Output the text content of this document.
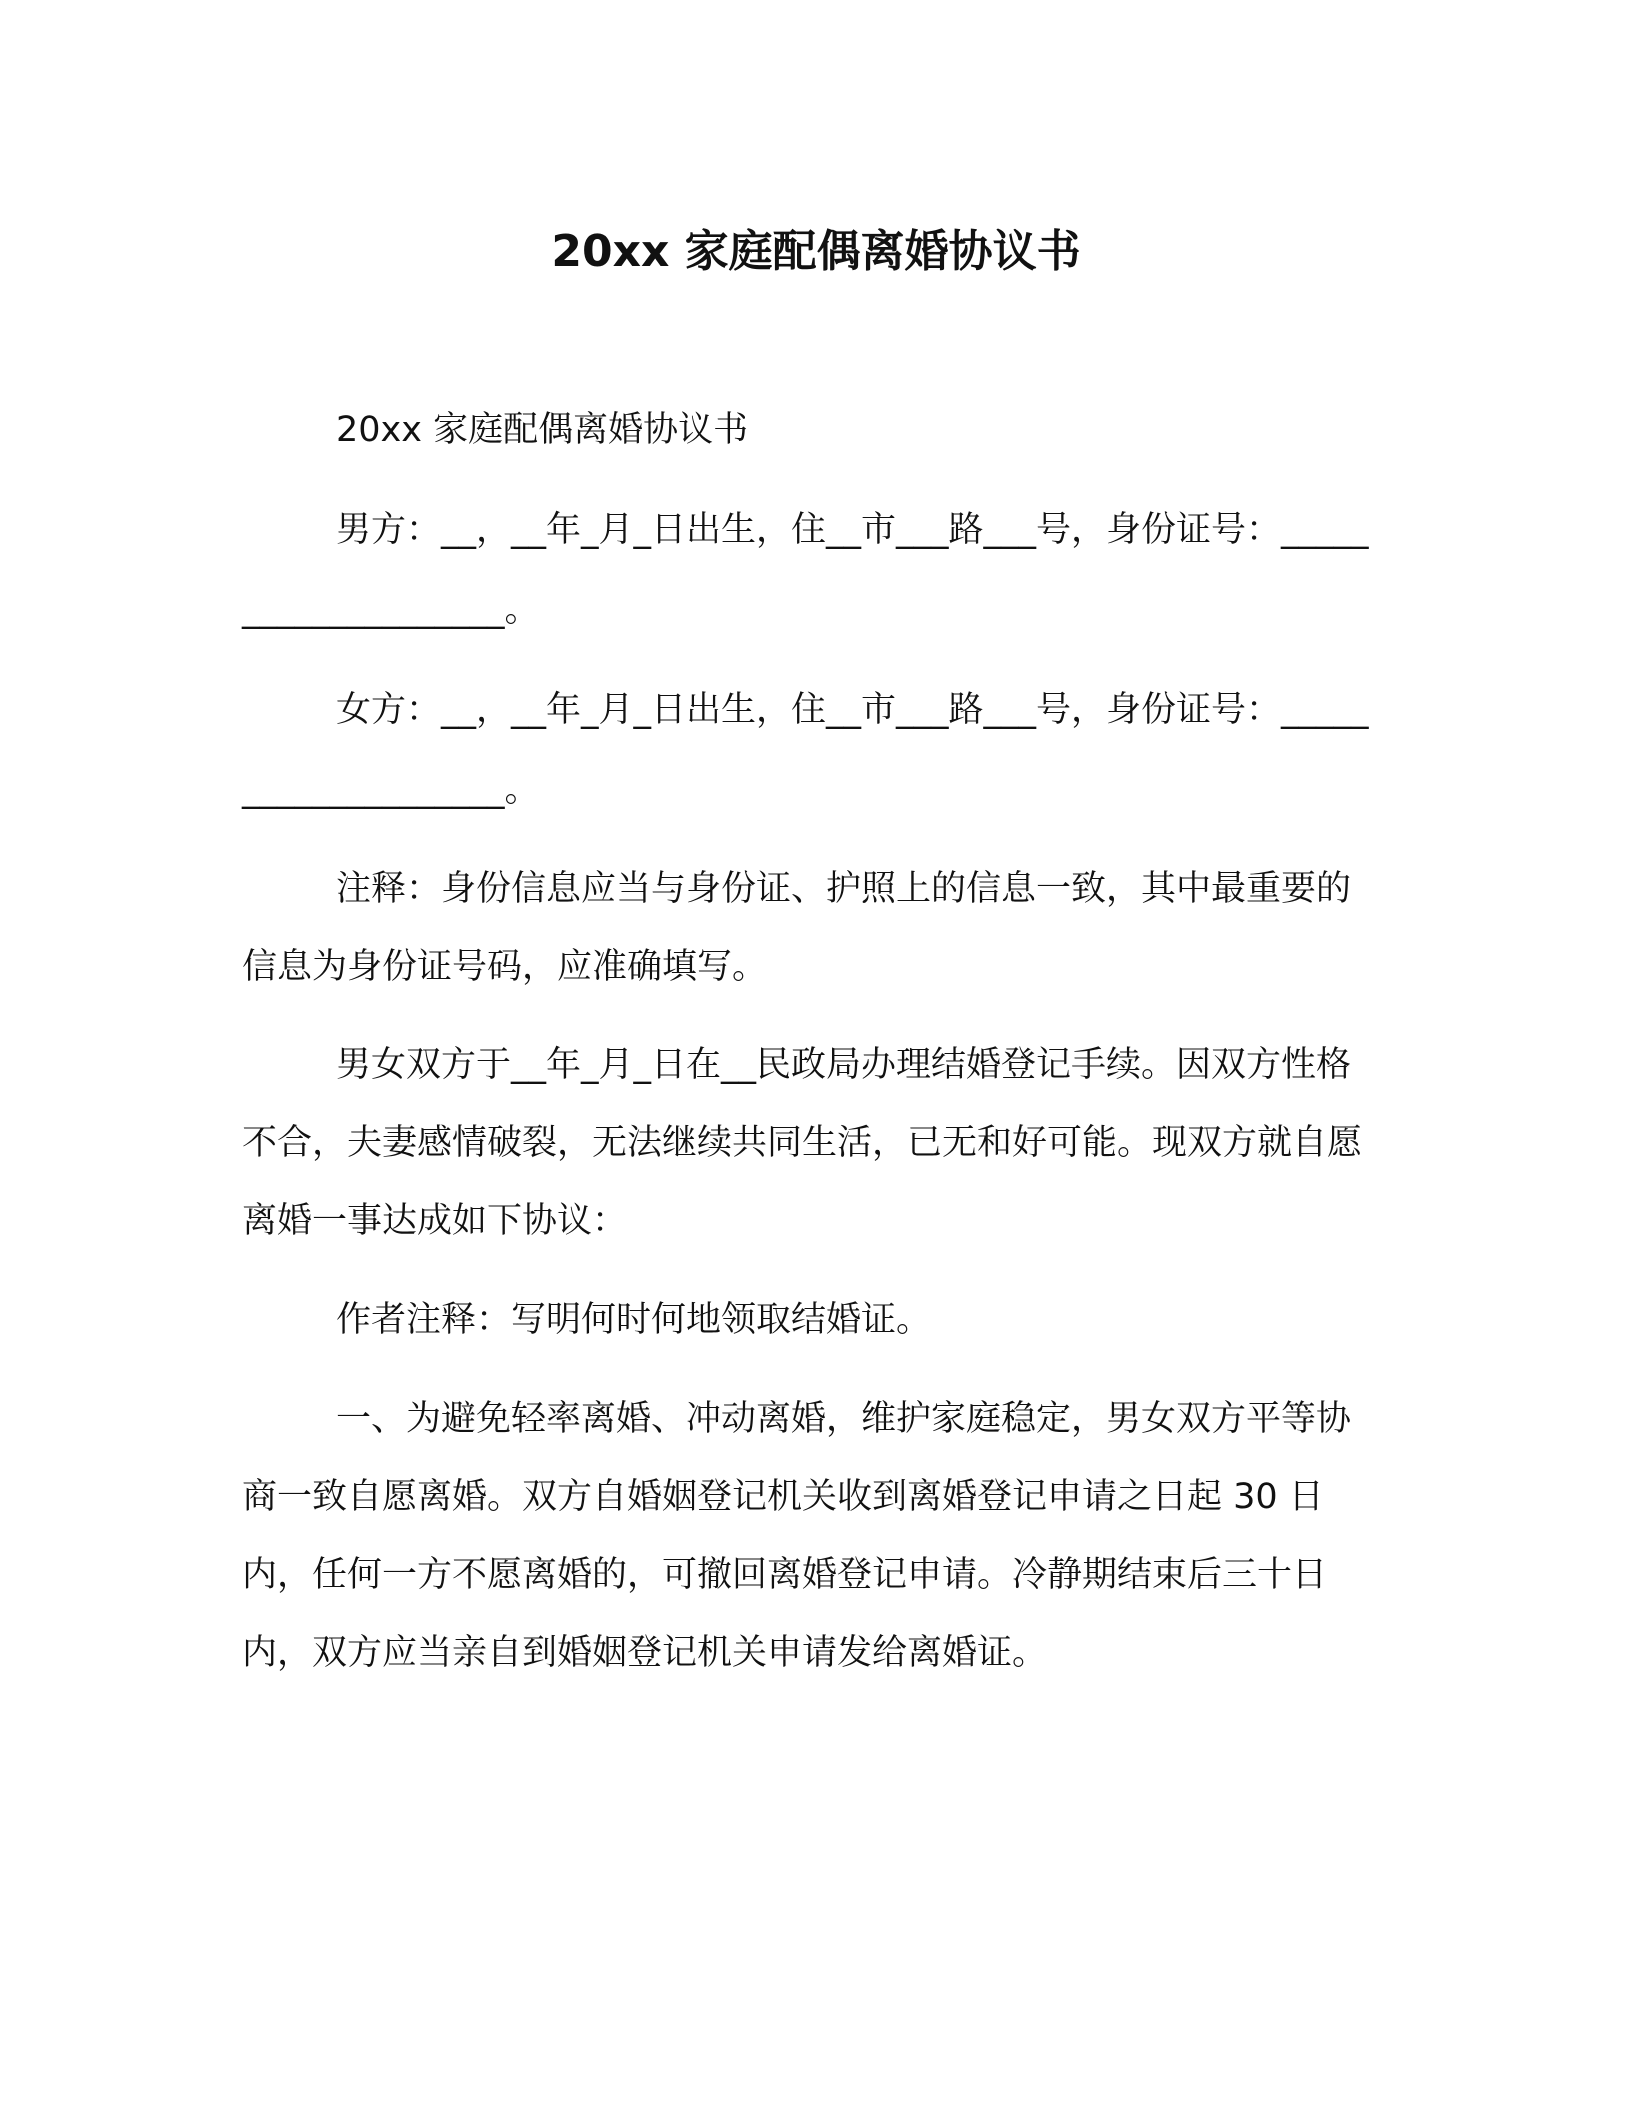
20xx 家庭配偶离婚协议书

20xx 家庭配偶离婚协议书

男方：__，__年_月_日出生，住__市___路___号，身份证号：____________________。

女方：__，__年_月_日出生，住__市___路___号，身份证号：____________________。

注释：身份信息应当与身份证、护照上的信息一致，其中最重要的信息为身份证号码，应准确填写。

男女双方于__年_月_日在__民政局办理结婚登记手续。因双方性格不合，夫妻感情破裂，无法继续共同生活，已无和好可能。现双方就自愿离婚一事达成如下协议：

作者注释：写明何时何地领取结婚证。

一、为避免轻率离婚、冲动离婚，维护家庭稳定，男女双方平等协商一致自愿离婚。双方自婚姻登记机关收到离婚登记申请之日起 30 日内，任何一方不愿离婚的，可撤回离婚登记申请。冷静期结束后三十日内，双方应当亲自到婚姻登记机关申请发给离婚证。
